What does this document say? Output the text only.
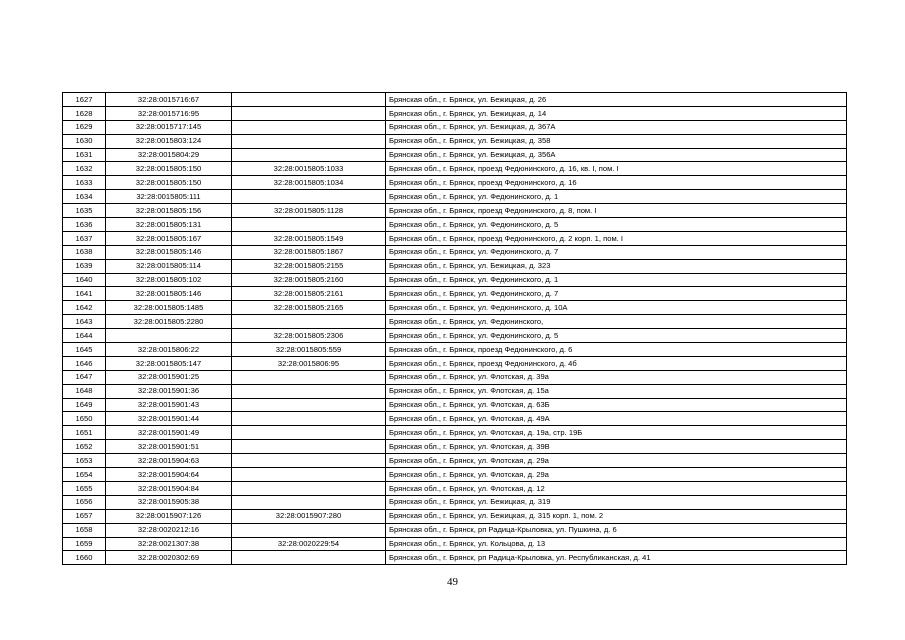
1627	32:28:0015716:67		Брянская обл., г. Брянск, ул. Бежицкая, д. 26
1628	32:28:0015716:95		Брянская обл., г. Брянск, ул. Бежицкая, д. 14
1629	32:28:0015717:145		Брянская обл., г. Брянск, ул. Бежицкая, д. 367А
1630	32:28:0015803:124		Брянская обл., г. Брянск, ул. Бежицкая, д. 358
1631	32:28:0015804:29		Брянская обл., г. Брянск, ул. Бежицкая, д. 356А
1632	32:28:0015805:150	32:28:0015805:1033	Брянская обл., г. Брянск, проезд Федюнинского, д. 16, кв. I, пом. I
1633	32:28:0015805:150	32:28:0015805:1034	Брянская обл., г. Брянск, проезд Федюнинского, д. 16
1634	32:28:0015805:111		Брянская обл., г. Брянск, ул. Федюнинского, д. 1
1635	32:28:0015805:156	32:28:0015805:1128	Брянская обл., г. Брянск, проезд Федюнинского, д. 8, пом. I
1636	32:28:0015805:131		Брянская обл., г. Брянск, ул. Федюнинского, д. 5
1637	32:28:0015805:167	32:28:0015805:1549	Брянская обл., г. Брянск, проезд Федюнинского, д. 2 корп. 1, пом. I
1638	32:28:0015805:146	32:28:0015805:1867	Брянская обл., г. Брянск, ул. Федюнинского, д. 7
1639	32:28:0015805:114	32:28:0015805:2155	Брянская обл., г. Брянск, ул. Бежицкая, д. 323
1640	32:28:0015805:102	32:28:0015805:2160	Брянская обл., г. Брянск, ул. Федюнинского, д. 1
1641	32:28:0015805:146	32:28:0015805:2161	Брянская обл., г. Брянск, ул. Федюнинского, д. 7
1642	32:28:0015805:1485	32:28:0015805:2165	Брянская обл., г. Брянск, ул. Федюнинского, д. 10А
1643	32:28:0015805:2280		Брянская обл., г. Брянск, ул. Федюнинского,
1644		32:28:0015805:2306	Брянская обл., г. Брянск, ул. Федюнинского, д. 5
1645	32:28:0015806:22	32:28:0015805:559	Брянская обл., г. Брянск, проезд Федюнинского, д. 6
1646	32:28:0015805:147	32:28:0015806:95	Брянская обл., г. Брянск, проезд Федюнинского, д. 4б
1647	32:28:0015901:25		Брянская обл., г. Брянск, ул. Флотская, д. 39а
1648	32:28:0015901:36		Брянская обл., г. Брянск, ул. Флотская, д. 15а
1649	32:28:0015901:43		Брянская обл., г. Брянск, ул. Флотская, д. 63Б
1650	32:28:0015901:44		Брянская обл., г. Брянск, ул. Флотская, д. 49А
1651	32:28:0015901:49		Брянская обл., г. Брянск, ул. Флотская, д. 19а, стр. 19Б
1652	32:28:0015901:51		Брянская обл., г. Брянск, ул. Флотская, д. 39В
1653	32:28:0015904:63		Брянская обл., г. Брянск, ул. Флотская, д. 29а
1654	32:28:0015904:64		Брянская обл., г. Брянск, ул. Флотская, д. 29а
1655	32:28:0015904:84		Брянская обл., г. Брянск, ул. Флотская, д. 12
1656	32:28:0015905:38		Брянская обл., г. Брянск, ул. Бежицкая, д. 319
1657	32:28:0015907:126	32:28:0015907:280	Брянская обл., г. Брянск, ул. Бежицкая, д. 315 корп. 1, пом. 2
1658	32:28:0020212:16		Брянская обл., г. Брянск, рп Радица-Крыловка, ул. Пушкина, д. 6
1659	32:28:0021307:38	32:28:0020229:54	Брянская обл., г. Брянск, ул. Кольцова, д. 13
1660	32:28:0020302:69		Брянская обл., г. Брянск, рп Радица-Крыловка, ул. Республиканская, д. 41
49
